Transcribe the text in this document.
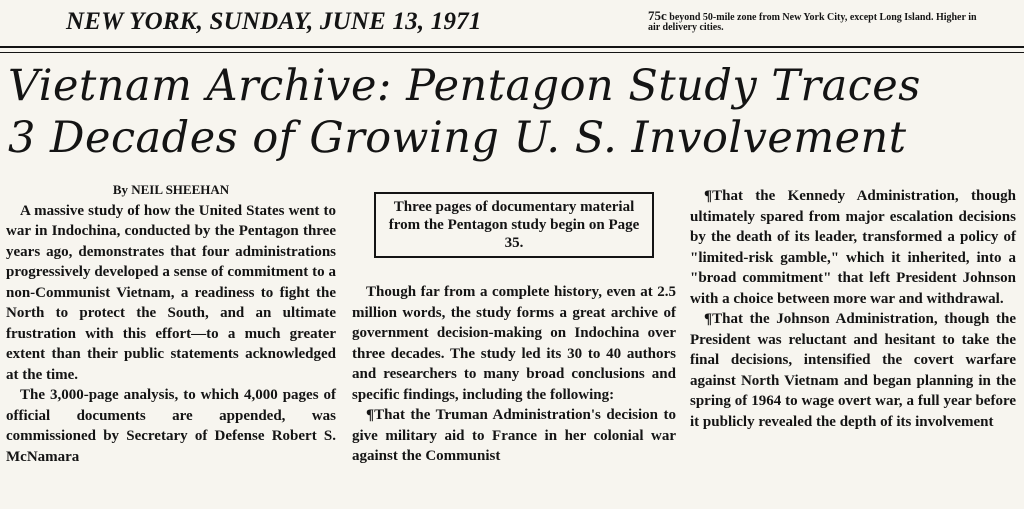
NEW YORK, SUNDAY, JUNE 13, 1971	75c beyond 50-mile zone from New York City, except Long Island. Higher in air delivery cities.
Vietnam Archive: Pentagon Study Traces
3 Decades of Growing U. S. Involvement

By NEIL SHEEHAN

A massive study of how the United States went to war in Indochina, conducted by the Pentagon three years ago, demonstrates that four administrations progressively developed a sense of commitment to a non-Communist Vietnam, a readiness to fight the North to protect the South, and an ultimate frustration with this effort—to a much greater extent than their public statements acknowledged at the time.

The 3,000-page analysis, to which 4,000 pages of official documents are appended, was commissioned by Secretary of Defense Robert S. McNamara

Three pages of documentary material from the Pentagon study begin on Page 35.

Though far from a complete history, even at 2.5 million words, the study forms a great archive of government decision-making on Indochina over three decades. The study led its 30 to 40 authors and researchers to many broad conclusions and specific findings, including the following:

¶That the Truman Administration's decision to give military aid to France in her colonial war against the Communist

¶That the Kennedy Administration, though ultimately spared from major escalation decisions by the death of its leader, transformed a policy of "limited-risk gamble," which it inherited, into a "broad commitment" that left President Johnson with a choice between more war and withdrawal.

¶That the Johnson Administration, though the President was reluctant and hesitant to take the final decisions, intensified the covert warfare against North Vietnam and began planning in the spring of 1964 to wage overt war, a full year before it publicly revealed the depth of its involvement
